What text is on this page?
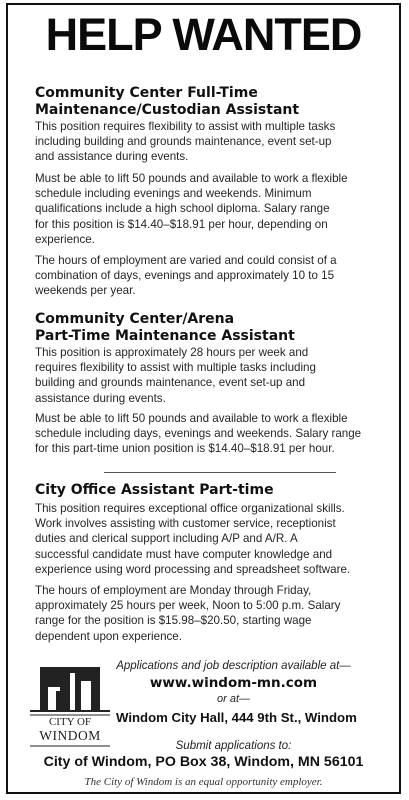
HELP WANTED
Community Center Full-Time
Maintenance/Custodian Assistant
This position requires flexibility to assist with multiple tasks
including building and grounds maintenance, event set-up
and assistance during events.
Must be able to lift 50 pounds and available to work a flexible
schedule including evenings and weekends. Minimum
qualifications include a high school diploma. Salary range
for this position is $14.40–$18.91 per hour, depending on
experience.
The hours of employment are varied and could consist of a
combination of days, evenings and approximately 10 to 15
weekends per year.
Community Center/Arena
Part-Time Maintenance Assistant
This position is approximately 28 hours per week and
requires flexibility to assist with multiple tasks including
building and grounds maintenance, event set-up and
assistance during events.
Must be able to lift 50 pounds and available to work a flexible
schedule including days, evenings and weekends. Salary range
for this part-time union position is $14.40–$18.91 per hour.
City Office Assistant Part-time
This position requires exceptional office organizational skills.
Work involves assisting with customer service, receptionist
duties and clerical support including A/P and A/R. A
successful candidate must have computer knowledge and
experience using word processing and spreadsheet software.
The hours of employment are Monday through Friday,
approximately 25 hours per week, Noon to 5:00 p.m. Salary
range for the position is $15.98–$20.50, starting wage
dependent upon experience.
CITY OF
WINDOM
Applications and job description available at—
www.windom-mn.com
or at—
Windom City Hall, 444 9th St., Windom
Submit applications to:
City of Windom, PO Box 38, Windom, MN 56101
The City of Windom is an equal opportunity employer.
